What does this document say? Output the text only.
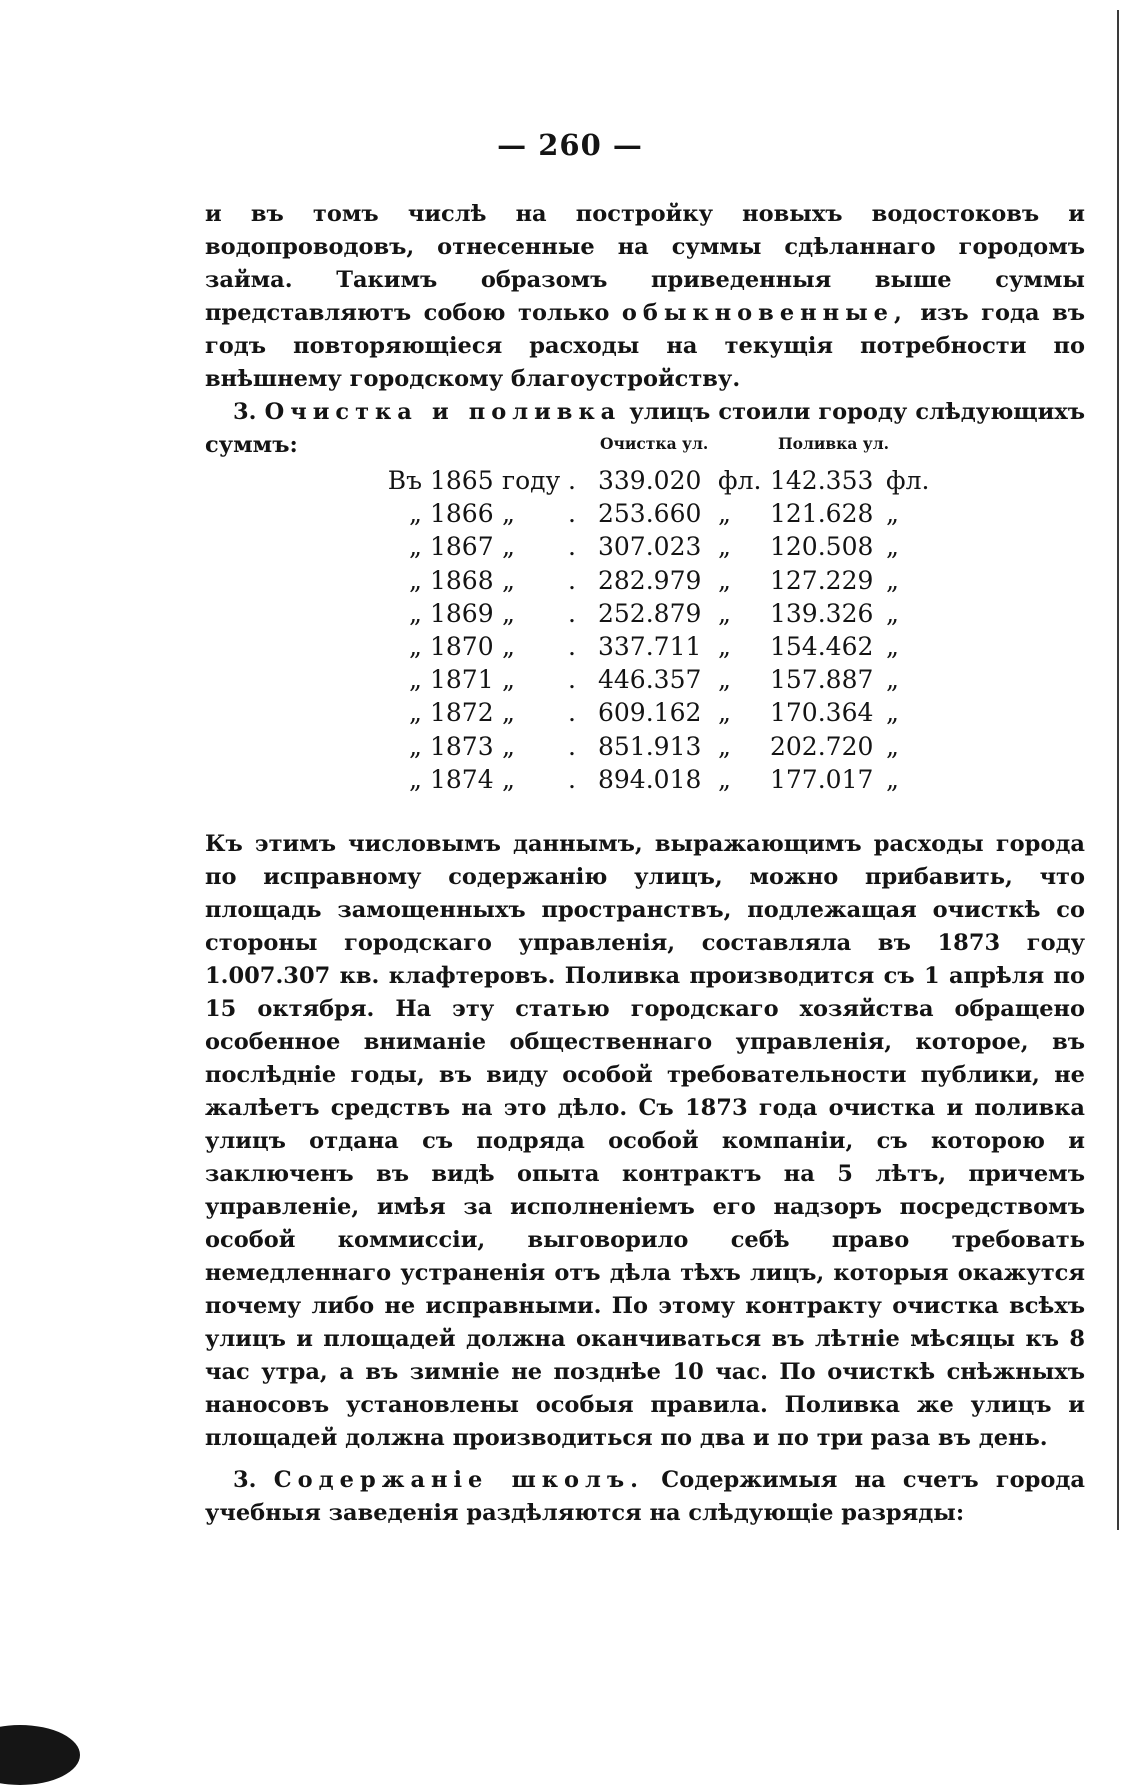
— 260 —
и въ томъ числѣ на постройку новыхъ водостоковъ и водопроводовъ, отнесенные на суммы сдѣланнаго городомъ займа. Такимъ образомъ приведенныя выше суммы представляютъ собою только обыкновенные, изъ года въ годъ повторяющіеся расходы на текущія потребности по внѣшнему городскому благоустройству.
3. Очистка и поливка улицъ стоили городу слѣдующихъ суммъ:	Очистка ул.	Поливка ул.
Въ 1865 году . 339.020 фл. 142.353 фл.
„ 1866 „ . 253.660 „ 121.628 „
„ 1867 „ . 307.023 „ 120.508 „
„ 1868 „ . 282.979 „ 127.229 „
„ 1869 „ . 252.879 „ 139.326 „
„ 1870 „ . 337.711 „ 154.462 „
„ 1871 „ . 446.357 „ 157.887 „
„ 1872 „ . 609.162 „ 170.364 „
„ 1873 „ . 851.913 „ 202.720 „
„ 1874 „ . 894.018 „ 177.017 „
Къ этимъ числовымъ даннымъ, выражающимъ расходы города по исправному содержанію улицъ, можно прибавить, что площадь замощенныхъ пространствъ, подлежащая очисткѣ со стороны городскаго управленія, составляла въ 1873 году 1.007.307 кв. клафтеровъ. Поливка производится съ 1 апрѣля по 15 октября. На эту статью городскаго хозяйства обращено особенное вниманіе общественнаго управленія, которое, въ послѣдніе годы, въ виду особой требовательности публики, не жалѣетъ средствъ на это дѣло. Съ 1873 года очистка и поливка улицъ отдана съ подряда особой компаніи, съ которою и заключенъ въ видѣ опыта контрактъ на 5 лѣтъ, причемъ управленіе, имѣя за исполненіемъ его надзоръ посредствомъ особой коммиссіи, выговорило себѣ право требовать немедленнаго устраненія отъ дѣла тѣхъ лицъ, которыя окажутся почему либо не исправными. По этому контракту очистка всѣхъ улицъ и площадей должна оканчиваться въ лѣтніе мѣсяцы къ 8 час утра, а въ зимніе не позднѣе 10 час. По очисткѣ снѣжныхъ наносовъ установлены особыя правила. Поливка же улицъ и площадей должна производиться по два и по три раза въ день.
3. Содержаніе школъ. Содержимыя на счетъ города учебныя заведенія раздѣляются на слѣдующіе разряды:
